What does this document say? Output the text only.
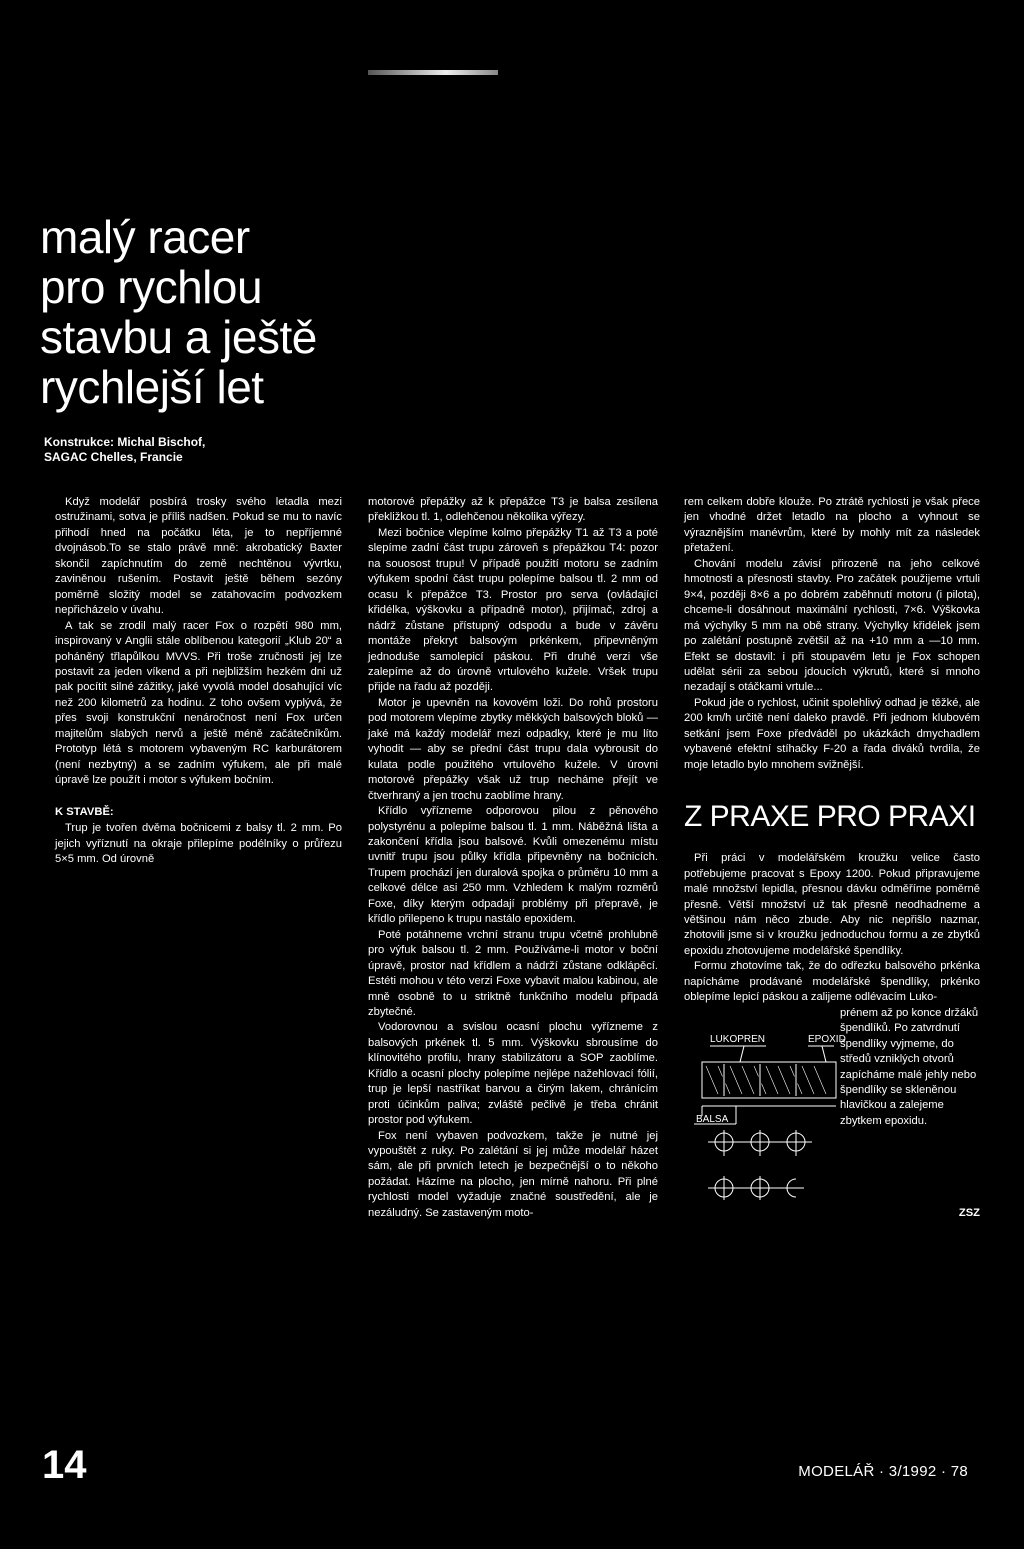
malý racer
pro rychlou
stavbu a ještě
rychlejší let
Konstrukce: Michal Bischof,
SAGAC Chelles, Francie

Když modelář posbírá trosky svého letadla mezi ostružinami, sotva je příliš nadšen. Pokud se mu to navíc přihodí hned na počátku léta, je to nepříjemné dvojnásob.To se stalo právě mně: akrobatický Baxter skončil zapíchnutím do země nechtěnou vývrtku, zaviněnou rušením. Postavit ještě během sezóny poměrně složitý model se zatahovacím podvozkem nepřicházelo v úvahu.

A tak se zrodil malý racer Fox o rozpětí 980 mm, inspirovaný v Anglii stále oblíbenou kategorií „Klub 20“ a poháněný třlapůlkou MVVS. Při troše zručnosti jej lze postavit za jeden víkend a při nejbližším hezkém dni už pak pocítit silné zážitky, jaké vyvolá model dosahující víc než 200 kilometrů za hodinu. Z toho ovšem vyplývá, že přes svoji konstrukční nenáročnost není Fox určen majitelům slabých nervů a ještě méně začátečníkům. Prototyp létá s motorem vybaveným RC karburátorem (není nezbytný) a se zadním výfukem, ale při malé úpravě lze použít i motor s výfukem bočním.

K STAVBĚ:

Trup je tvořen dvěma bočnicemi z balsy tl. 2 mm. Po jejich vyříznutí na okraje přilepíme podélníky o průřezu 5×5 mm. Od úrovně

motorové přepážky až k přepážce T3 je balsa zesílena překližkou tl. 1, odlehčenou několika výřezy.

Mezi bočnice vlepíme kolmo přepážky T1 až T3 a poté slepíme zadní část trupu zároveň s přepážkou T4: pozor na souosost trupu! V případě použití motoru se zadním výfukem spodní část trupu polepíme balsou tl. 2 mm od ocasu k přepážce T3. Prostor pro serva (ovládající křidélka, výškovku a případně motor), přijímač, zdroj a nádrž zůstane přístupný odspodu a bude v závěru montáže překryt balsovým prkénkem, připevněným jednoduše samolepicí páskou. Při druhé verzi vše zalepíme až do úrovně vrtulového kužele. Vršek trupu přijde na řadu až později.

Motor je upevněn na kovovém loži. Do rohů prostoru pod motorem vlepíme zbytky měkkých balsových bloků — jaké má každý modelář mezi odpadky, které je mu líto vyhodit — aby se přední část trupu dala vybrousit do kulata podle použitého vrtulového kužele. V úrovni motorové přepážky však už trup necháme přejít ve čtverhraný a jen trochu zaoblíme hrany.

Křídlo vyřízneme odporovou pilou z pěnového polystyrénu a polepíme balsou tl. 1 mm. Náběžná lišta a zakončení křídla jsou balsové. Kvůli omezenému místu uvnitř trupu jsou půlky křídla připevněny na bočnicích. Trupem prochází jen duralová spojka o průměru 10 mm a celkové délce asi 250 mm. Vzhledem k malým rozměrů Foxe, díky kterým odpadají problémy při přepravě, je křídlo přilepeno k trupu nastálo epoxidem.

Poté potáhneme vrchní stranu trupu včetně prohlubně pro výfuk balsou tl. 2 mm. Používáme-li motor v boční úpravě, prostor nad křídlem a nádrží zůstane odklápěcí. Estéti mohou v této verzi Foxe vybavit malou kabinou, ale mně osobně to u striktně funkčního modelu připadá zbytečné.

Vodorovnou a svislou ocasní plochu vyřízneme z balsových prkének tl. 5 mm. Výškovku sbrousíme do klínovitého profilu, hrany stabilizátoru a SOP zaoblíme. Křídlo a ocasní plochy polepíme nejlépe nažehlovací fólií, trup je lepší nastříkat barvou a čirým lakem, chránícím proti účinkům paliva; zvláště pečlivě je třeba chránit prostor pod výfukem.

Fox není vybaven podvozkem, takže je nutné jej vypouštět z ruky. Po zalétání si jej může modelář házet sám, ale při prvních letech je bezpečnější o to někoho požádat. Házíme na plocho, jen mírně nahoru. Při plné rychlosti model vyžaduje značné soustředění, ale je nezáludný. Se zastaveným moto-

rem celkem dobře klouže. Po ztrátě rychlosti je však přece jen vhodné držet letadlo na plocho a vyhnout se výraznějším manévrům, které by mohly mít za následek přetažení.

Chování modelu závisí přirozeně na jeho celkové hmotnosti a přesnosti stavby. Pro začátek použijeme vrtuli 9×4, později 8×6 a po dobrém zaběhnutí motoru (i pilota), chceme-li dosáhnout maximální rychlosti, 7×6. Výškovka má výchylky 5 mm na obě strany. Výchylky křidélek jsem po zalétání postupně zvětšil až na +10 mm a —10 mm. Efekt se dostavil: i při stoupavém letu je Fox schopen udělat sérii za sebou jdoucích výkrutů, které si mnoho nezadají s otáčkami vrtule...

Pokud jde o rychlost, učinit spolehlivý odhad je těžké, ale 200 km/h určitě není daleko pravdě. Při jednom klubovém setkání jsem Foxe předváděl po ukázkách dmychadlem vybavené efektní stíhačky F-20 a řada diváků tvrdila, že moje letadlo bylo mnohem svižnější.

Z PRAXE PRO PRAXI

Při práci v modelářském kroužku velice často potřebujeme pracovat s Epoxy 1200. Pokud připravujeme malé množství lepidla, přesnou dávku odměříme poměrně přesně. Větší množství už tak přesně neodhadneme a většinou nám něco zbude. Aby nic nepřišlo nazmar, zhotovili jsme si v kroužku jednoduchou formu a ze zbytků epoxidu zhotovujeme modelářské špendlíky.

Formu zhotovíme tak, že do odřezku balsového prkénka napícháme prodávané modelářské špendlíky, prkénko oblepíme lepicí páskou a zalijeme odlévacím Luko-

LUKOPREN	EPOXID
BALSA
prénem až po konce držáků špendlíků. Po zatvrdnutí špendlíky vyjmeme, do středů vzniklých otvorů zapícháme malé jehly nebo špendlíky se skleněnou hlavičkou a zalejeme zbytkem epoxidu.

ZSZ

14	MODELÁŘ · 3/1992 · 78
